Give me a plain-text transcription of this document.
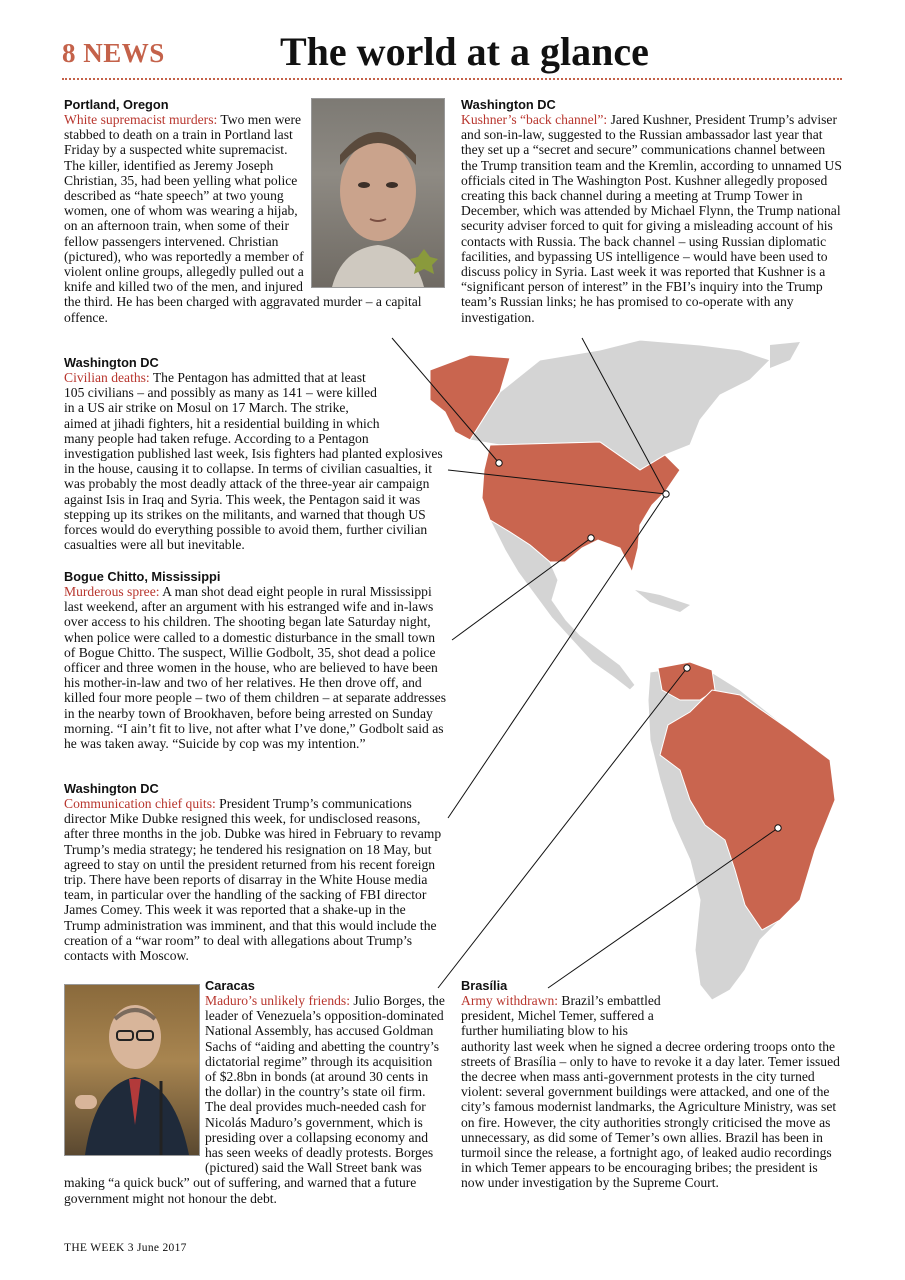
8 NEWS	The world at a glance
Portland, Oregon

White supremacist murders: Two men were stabbed to death on a train in Portland last Friday by a suspected white supremacist. The killer, identified as Jeremy Joseph Christian, 35, had been yelling what police described as “hate speech” at two young women, one of whom was wearing a hijab, on an afternoon train, when some of their fellow passengers intervened. Christian (pictured), who was reportedly a member of violent online groups, allegedly pulled out a knife and killed two of the men, and injured the third. He has been charged with aggravated murder – a capital offence.

Washington DC

Kushner’s “back channel”: Jared Kushner, President Trump’s adviser and son-in-law, suggested to the Russian ambassador last year that they set up a “secret and secure” communications channel between the Trump transition team and the Kremlin, according to unnamed US officials cited in The Washington Post. Kushner allegedly proposed creating this back channel during a meeting at Trump Tower in December, which was attended by Michael Flynn, the Trump national security adviser forced to quit for giving a misleading account of his contacts with Russia. The back channel – using Russian diplomatic facilities, and bypassing US intelligence – would have been used to discuss policy in Syria. Last week it was reported that Kushner is a “significant person of interest” in the FBI’s inquiry into the Trump team’s Russian links; he has promised to co-operate with any investigation.

Washington DC

Civilian deaths: The Pentagon has admitted that at least 105 civilians – and possibly as many as 141 – were killed in a US air strike on Mosul on 17 March. The strike, aimed at jihadi fighters, hit a residential building in which many people had taken refuge. According to a Pentagon investigation published last week, Isis fighters had planted explosives in the house, causing it to collapse. In terms of civilian casualties, it was probably the most deadly attack of the three-year air campaign against Isis in Iraq and Syria. This week, the Pentagon said it was stepping up its strikes on the militants, and warned that though US forces would do everything possible to avoid them, further civilian casualties were all but inevitable.

Bogue Chitto, Mississippi

Murderous spree: A man shot dead eight people in rural Mississippi last weekend, after an argument with his estranged wife and in-laws over access to his children. The shooting began late Saturday night, when police were called to a domestic disturbance in the small town of Bogue Chitto. The suspect, Willie Godbolt, 35, shot dead a police officer and three women in the house, who are believed to have been his mother-in-law and two of her relatives. He then drove off, and killed four more people – two of them children – at separate addresses in the nearby town of Brookhaven, before being arrested on Sunday morning. “I ain’t fit to live, not after what I’ve done,” Godbolt said as he was taken away. “Suicide by cop was my intention.”

Washington DC

Communication chief quits: President Trump’s communications director Mike Dubke resigned this week, for undisclosed reasons, after three months in the job. Dubke was hired in February to revamp Trump’s media strategy; he tendered his resignation on 18 May, but agreed to stay on until the president returned from his recent foreign trip. There have been reports of disarray in the White House media team, in particular over the handling of the sacking of FBI director James Comey. This week it was reported that a shake-up in the Trump administration was imminent, and that this would include the creation of a “war room” to deal with allegations about Trump’s contacts with Moscow.

Caracas

Maduro’s unlikely friends: Julio Borges, the leader of Venezuela’s opposition-dominated National Assembly, has accused Goldman Sachs of “aiding and abetting the country’s dictatorial regime” through its acquisition of $2.8bn in bonds (at around 30 cents in the dollar) in the country’s state oil firm. The deal provides much-needed cash for Nicolás Maduro’s government, which is presiding over a collapsing economy and has seen weeks of deadly protests. Borges (pictured) said the Wall Street bank was making “a quick buck” out of suffering, and warned that a future government might not honour the debt.

Brasília

Army withdrawn: Brazil’s embattled president, Michel Temer, suffered a further humiliating blow to his authority last week when he signed a decree ordering troops onto the streets of Brasília – only to have to revoke it a day later. Temer issued the decree when mass anti-government protests in the city turned violent: several government buildings were attacked, and one of the city’s famous modernist landmarks, the Agriculture Ministry, was set on fire. However, the city authorities strongly criticised the move as unnecessary, as did some of Temer’s own allies. Brazil has been in turmoil since the release, a fortnight ago, of leaked audio recordings in which Temer appears to be encouraging bribes; the president is now under investigation by the Supreme Court.

THE WEEK 3 June 2017
